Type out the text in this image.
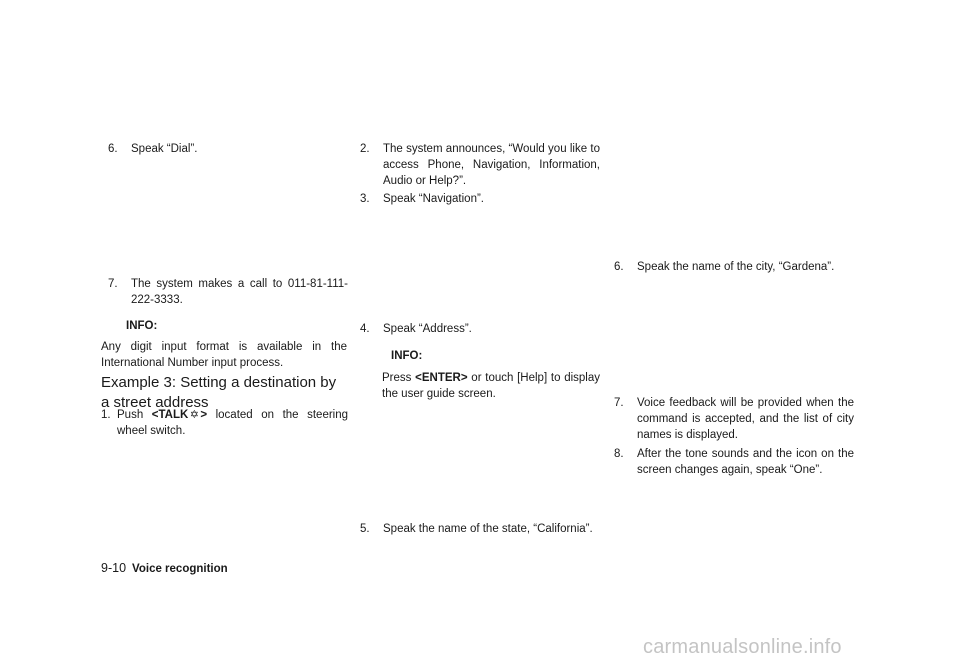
6.	Speak “Dial”.
7.	The system makes a call to 011-81-111-222-3333.
INFO:
Any digit input format is available in the International Number input process.
Example 3: Setting a destination by a street address
1. Push <TALK✡> located on the steering wheel switch.
2.	The system announces, “Would you like to access Phone, Navigation, Information, Audio or Help?”.
3.	Speak “Navigation”.
4.	Speak “Address”.
INFO:
Press <ENTER> or touch [Help] to display the user guide screen.
5.	Speak the name of the state, “California”.
6.	Speak the name of the city, “Gardena”.
7.	Voice feedback will be provided when the command is accepted, and the list of city names is displayed.
8.	After the tone sounds and the icon on the screen changes again, speak “One”.
9-10 Voice recognition
carmanualsonline.info
